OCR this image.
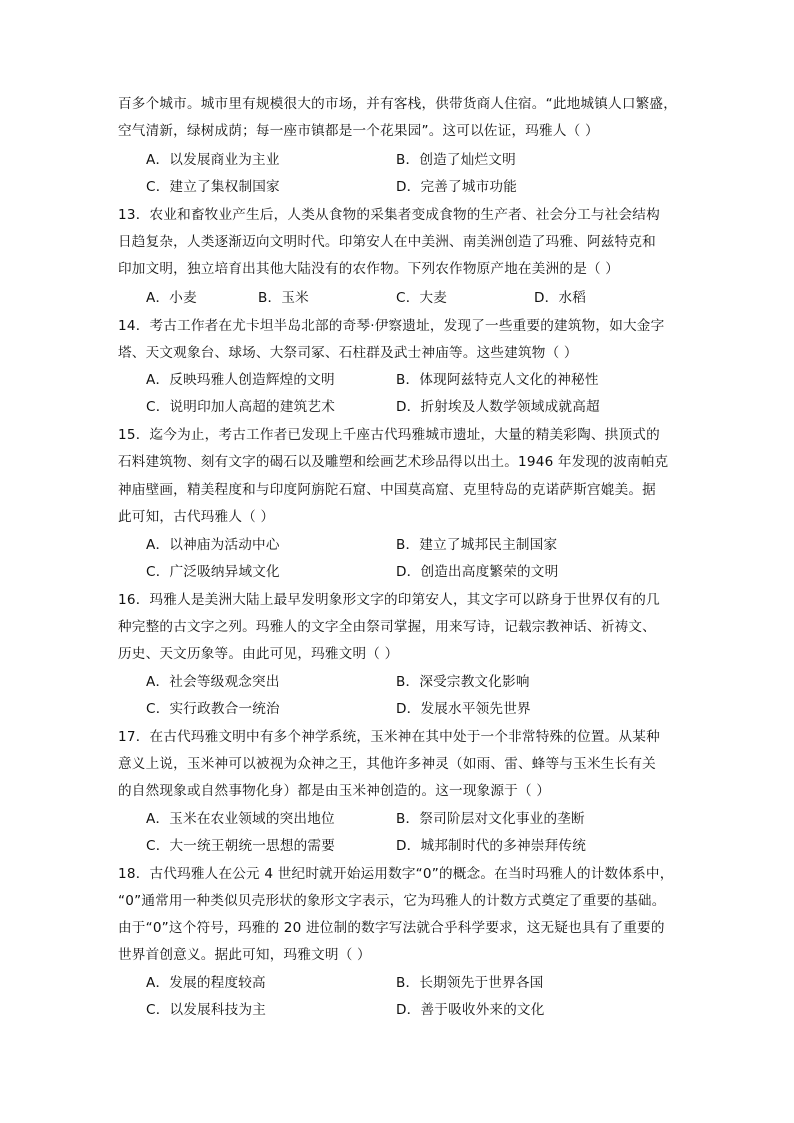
百多个城市。城市里有规模很大的市场，并有客栈，供带货商人住宿。“此地城镇人口繁盛，
空气清新，绿树成荫；每一座市镇都是一个花果园”。这可以佐证，玛雅人（ ）
A．以发展商业为主业	B．创造了灿烂文明
C．建立了集权制国家	D．完善了城市功能
13．农业和畜牧业产生后，人类从食物的采集者变成食物的生产者、社会分工与社会结构
日趋复杂，人类逐渐迈向文明时代。印第安人在中美洲、南美洲创造了玛雅、阿兹特克和
印加文明，独立培育出其他大陆没有的农作物。下列农作物原产地在美洲的是（ ）
A．小麦	B．玉米	C．大麦	D．水稻
14．考古工作者在尤卡坦半岛北部的奇琴·伊察遗址，发现了一些重要的建筑物，如大金字
塔、天文观象台、球场、大祭司冢、石柱群及武士神庙等。这些建筑物（ ）
A．反映玛雅人创造辉煌的文明	B．体现阿兹特克人文化的神秘性
C．说明印加人高超的建筑艺术	D．折射埃及人数学领域成就高超
15．迄今为止，考古工作者已发现上千座古代玛雅城市遗址，大量的精美彩陶、拱顶式的
石料建筑物、刻有文字的碣石以及雕塑和绘画艺术珍品得以出土。1946 年发现的波南帕克
神庙壁画，精美程度和与印度阿旃陀石窟、中国莫高窟、克里特岛的克诺萨斯宫媲美。据
此可知，古代玛雅人（ ）
A．以神庙为活动中心	B．建立了城邦民主制国家
C．广泛吸纳异域文化	D．创造出高度繁荣的文明
16．玛雅人是美洲大陆上最早发明象形文字的印第安人，其文字可以跻身于世界仅有的几
种完整的古文字之列。玛雅人的文字全由祭司掌握，用来写诗，记载宗教神话、祈祷文、
历史、天文历象等。由此可见，玛雅文明（ ）
A．社会等级观念突出	B．深受宗教文化影响
C．实行政教合一统治	D．发展水平领先世界
17．在古代玛雅文明中有多个神学系统，玉米神在其中处于一个非常特殊的位置。从某种
意义上说，玉米神可以被视为众神之王，其他许多神灵（如雨、雷、蜂等与玉米生长有关
的自然现象或自然事物化身）都是由玉米神创造的。这一现象源于（ ）
A．玉米在农业领域的突出地位	B．祭司阶层对文化事业的垄断
C．大一统王朝统一思想的需要	D．城邦制时代的多神崇拜传统
18．古代玛雅人在公元 4 世纪时就开始运用数字“0”的概念。在当时玛雅人的计数体系中，
“0”通常用一种类似贝壳形状的象形文字表示，它为玛雅人的计数方式奠定了重要的基础。
由于“0”这个符号，玛雅的 20 进位制的数字写法就合乎科学要求，这无疑也具有了重要的
世界首创意义。据此可知，玛雅文明（ ）
A．发展的程度较高	B．长期领先于世界各国
C．以发展科技为主	D．善于吸收外来的文化
